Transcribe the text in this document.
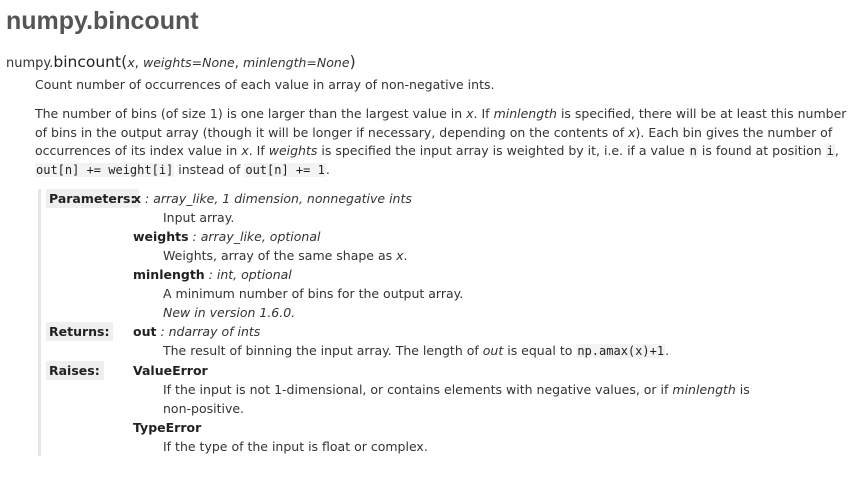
numpy.bincount
numpy.bincount(x, weights=None, minlength=None)

Count number of occurrences of each value in array of non-negative ints.

The number of bins (of size 1) is one larger than the largest value in x. If minlength is specified, there will be at least this number of bins in the output array (though it will be longer if necessary, depending on the contents of x). Each bin gives the number of occurrences of its index value in x. If weights is specified the input array is weighted by it, i.e. if a value n is found at position i, out[n] += weight[i] instead of out[n] += 1.

Parameters:
x : array_like, 1 dimension, nonnegative ints
Input array.
weights : array_like, optional
Weights, array of the same shape as x.
minlength : int, optional
A minimum number of bins for the output array.
New in version 1.6.0.
Returns:	out : ndarray of ints
The result of binning the input array. The length of out is equal to np.amax(x)+1.
Raises:	ValueError
If the input is not 1-dimensional, or contains elements with negative values, or if minlength is non-positive.
TypeError
If the type of the input is float or complex.
